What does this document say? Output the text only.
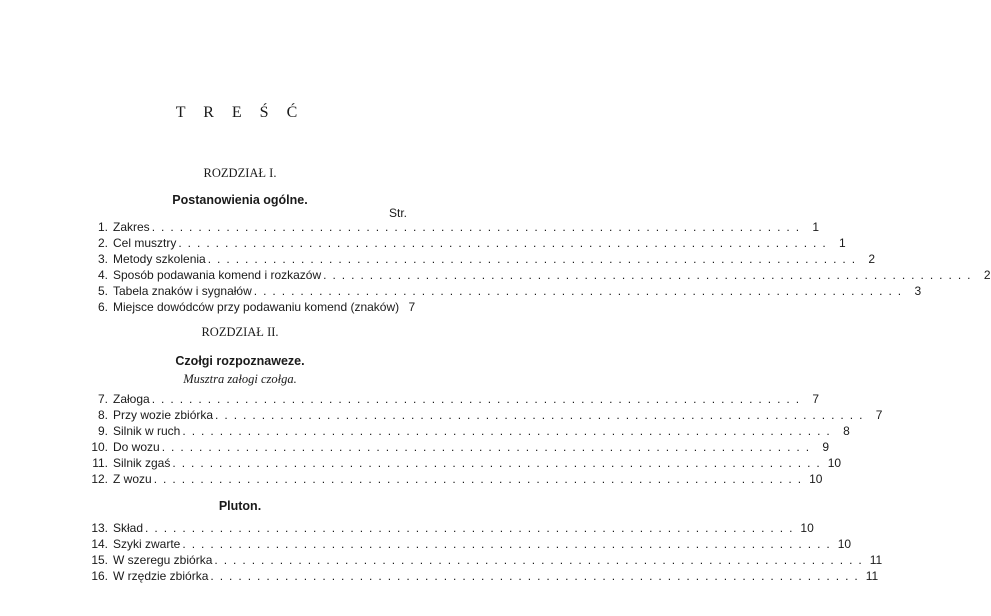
T R E Ś Ć
ROZDZIAŁ I.
Postanowienia ogólne.
Str.
1. Zakres ...................................................................... 1
2. Cel musztry ...................................................................... 1
3. Metody szkolenia ...................................................................... 2
4. Sposób podawania komend i rozkazów ...................................................................... 2
5. Tabela znaków i sygnałów ...................................................................... 3
6. Miejsce dowódców przy podawaniu komend (znaków) 7
ROZDZIAŁ II.
Czołgi rozpoznaweze.
Musztra załogi czołga.
7. Załoga ...................................................................... 7
8. Przy wozie zbiórka ...................................................................... 7
9. Silnik w ruch ...................................................................... 8
10. Do wozu ...................................................................... 9
11. Silnik zgaś ...................................................................... 10
12. Z wozu ...................................................................... 10
Pluton.
13. Skład ...................................................................... 10
14. Szyki zwarte ...................................................................... 10
15. W szeregu zbiórka ...................................................................... 11
16. W rzędzie zbiórka ...................................................................... 11
